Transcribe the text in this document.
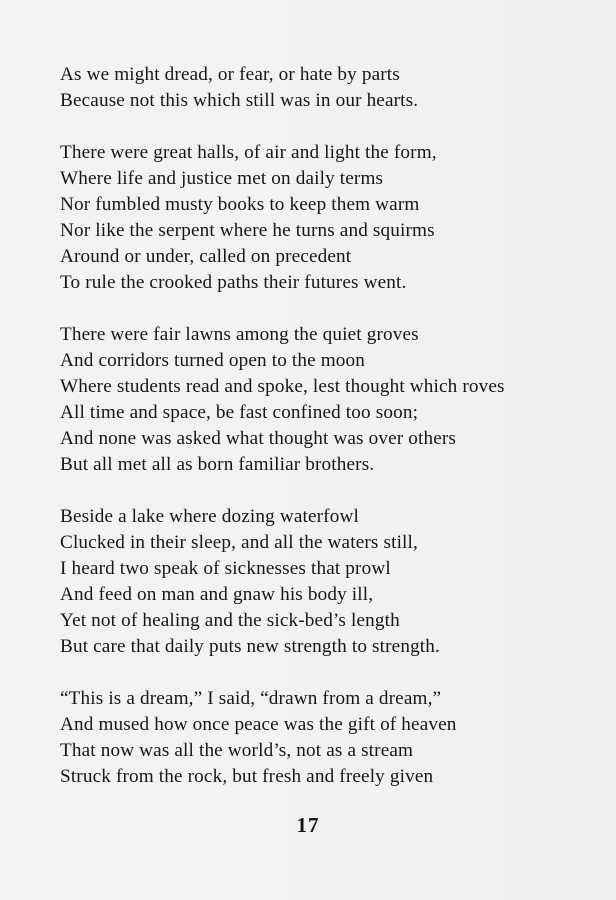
As we might dread, or fear, or hate by parts
Because not this which still was in our hearts.
There were great halls, of air and light the form,
Where life and justice met on daily terms
Nor fumbled musty books to keep them warm
Nor like the serpent where he turns and squirms
Around or under, called on precedent
To rule the crooked paths their futures went.
There were fair lawns among the quiet groves
And corridors turned open to the moon
Where students read and spoke, lest thought which roves
All time and space, be fast confined too soon;
And none was asked what thought was over others
But all met all as born familiar brothers.
Beside a lake where dozing waterfowl
Clucked in their sleep, and all the waters still,
I heard two speak of sicknesses that prowl
And feed on man and gnaw his body ill,
Yet not of healing and the sick-bed’s length
But care that daily puts new strength to strength.
“This is a dream,” I said, “drawn from a dream,”
And mused how once peace was the gift of heaven
That now was all the world’s, not as a stream
Struck from the rock, but fresh and freely given
17
